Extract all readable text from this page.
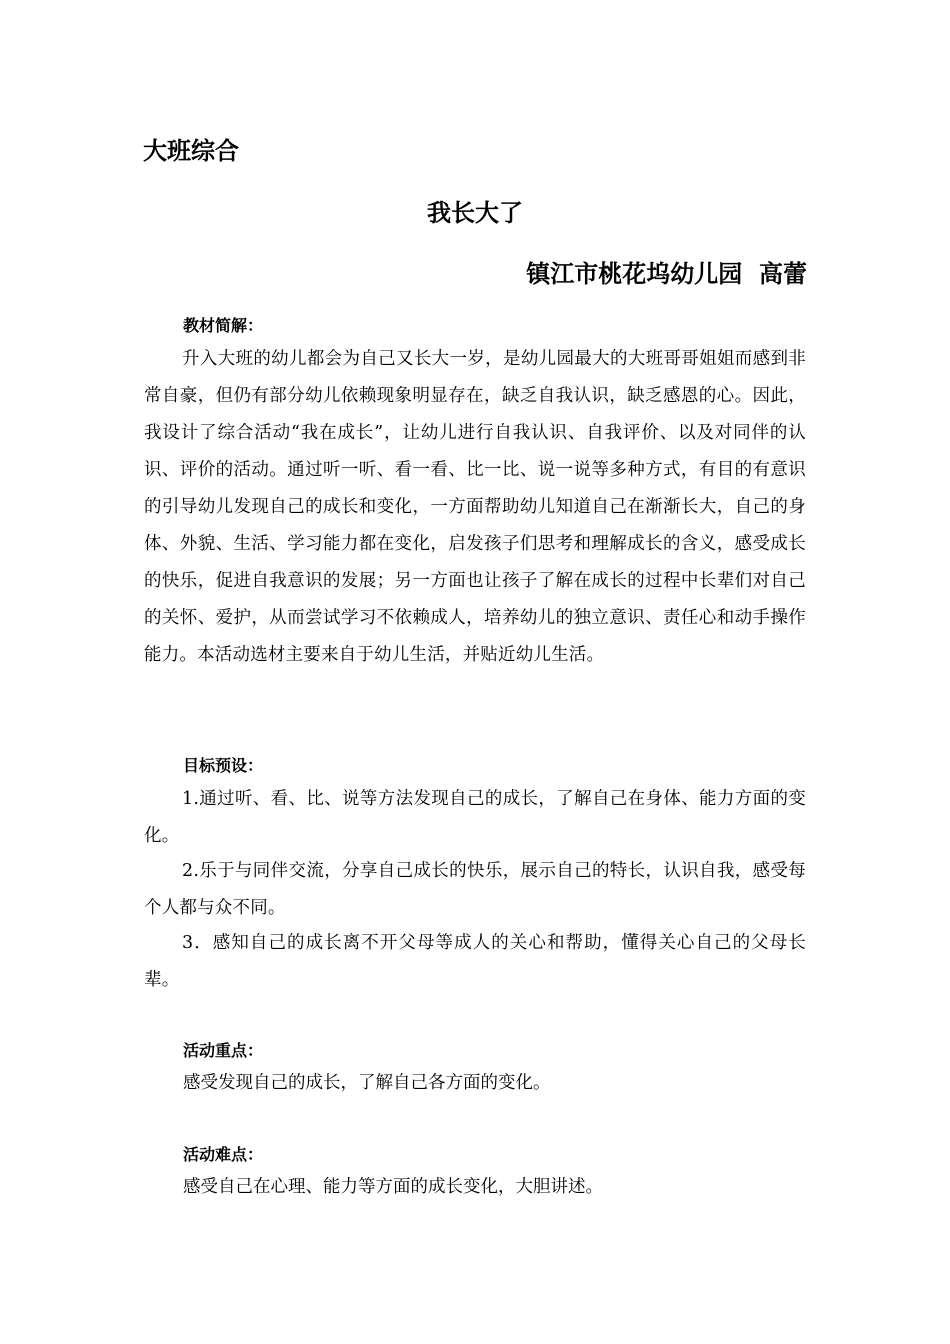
大班综合
我长大了
镇江市桃花坞幼儿园  高蕾
教材简解：
升入大班的幼儿都会为自己又长大一岁，是幼儿园最大的大班哥哥姐姐而感到非常自豪，但仍有部分幼儿依赖现象明显存在，缺乏自我认识，缺乏感恩的心。因此，我设计了综合活动“我在成长”，让幼儿进行自我认识、自我评价、以及对同伴的认识、评价的活动。通过听一听、看一看、比一比、说一说等多种方式，有目的有意识的引导幼儿发现自己的成长和变化，一方面帮助幼儿知道自己在渐渐长大，自己的身体、外貌、生活、学习能力都在变化，启发孩子们思考和理解成长的含义，感受成长的快乐，促进自我意识的发展；另一方面也让孩子了解在成长的过程中长辈们对自己的关怀、爱护，从而尝试学习不依赖成人，培养幼儿的独立意识、责任心和动手操作能力。本活动选材主要来自于幼儿生活，并贴近幼儿生活。
目标预设：
1.通过听、看、比、说等方法发现自己的成长，了解自己在身体、能力方面的变化。
2.乐于与同伴交流，分享自己成长的快乐，展示自己的特长，认识自我，感受每个人都与众不同。
3．感知自己的成长离不开父母等成人的关心和帮助，懂得关心自己的父母长辈。
活动重点：
感受发现自己的成长，了解自己各方面的变化。
活动难点：
感受自己在心理、能力等方面的成长变化，大胆讲述。
